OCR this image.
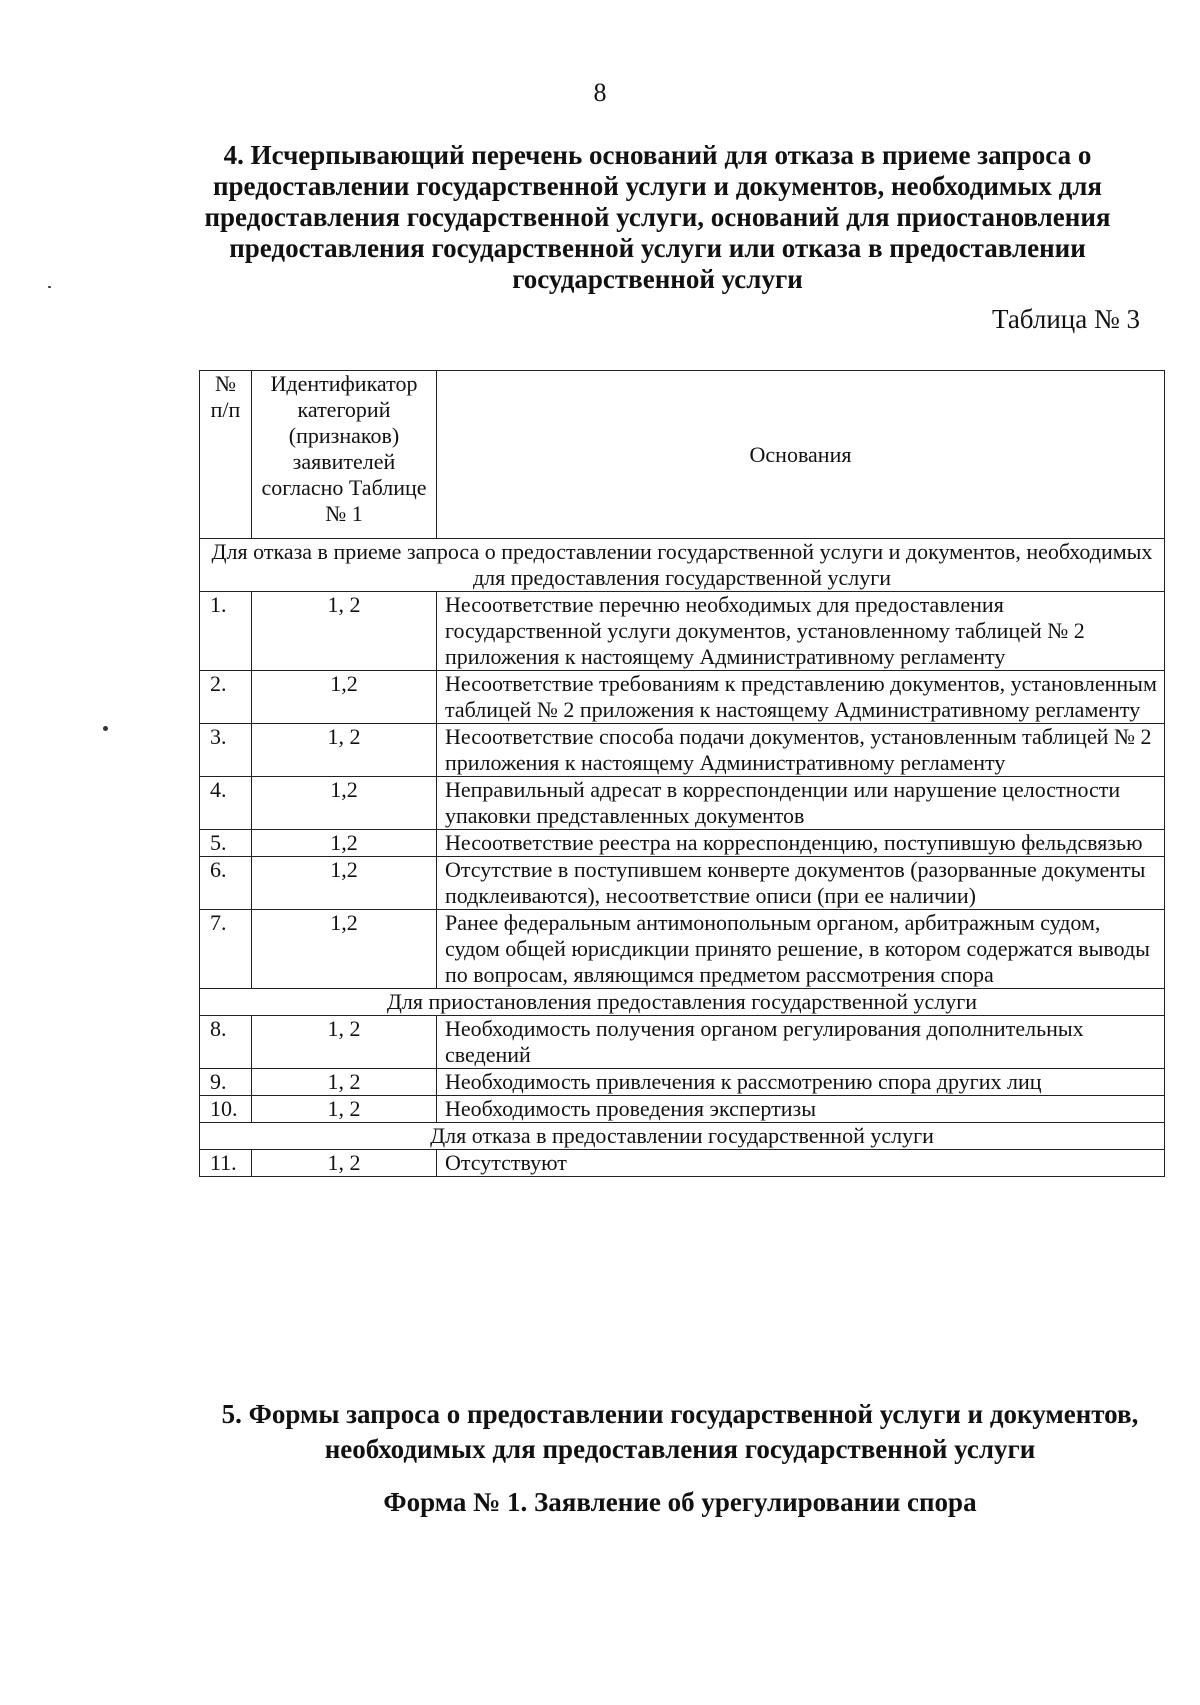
8
4. Исчерпывающий перечень оснований для отказа в приеме запроса о предоставлении государственной услуги и документов, необходимых для предоставления государственной услуги, оснований для приостановления предоставления государственной услуги или отказа в предоставлении государственной услуги
Таблица № 3
№ п/п	Идентификатор категорий (признаков) заявителей согласно Таблице № 1	Основания
Для отказа в приеме запроса о предоставлении государственной услуги и документов, необходимых для предоставления государственной услуги		
1.	1, 2	Несоответствие перечню необходимых для предоставления государственной услуги документов, установленному таблицей № 2 приложения к настоящему Административному регламенту
2.	1,2	Несоответствие требованиям к представлению документов, установленным таблицей № 2 приложения к настоящему Административному регламенту
3.	1, 2	Несоответствие способа подачи документов, установленным таблицей № 2 приложения к настоящему Административному регламенту
4.	1,2	Неправильный адресат в корреспонденции или нарушение целостности упаковки представленных документов
5.	1,2	Несоответствие реестра на корреспонденцию, поступившую фельдсвязью
6.	1,2	Отсутствие в поступившем конверте документов (разорванные документы подклеиваются), несоответствие описи (при ее наличии)
7.	1,2	Ранее федеральным антимонопольным органом, арбитражным судом, судом общей юрисдикции принято решение, в котором содержатся выводы по вопросам, являющимся предметом рассмотрения спора
Для приостановления предоставления государственной услуги		
8.	1, 2	Необходимость получения органом регулирования дополнительных сведений
9.	1, 2	Необходимость привлечения к рассмотрению спора других лиц
10.	1, 2	Необходимость проведения экспертизы
Для отказа в предоставлении государственной услуги		
11.	1, 2	Отсутствуют
5. Формы запроса о предоставлении государственной услуги и документов, необходимых для предоставления государственной услуги
Форма № 1. Заявление об урегулировании спора
